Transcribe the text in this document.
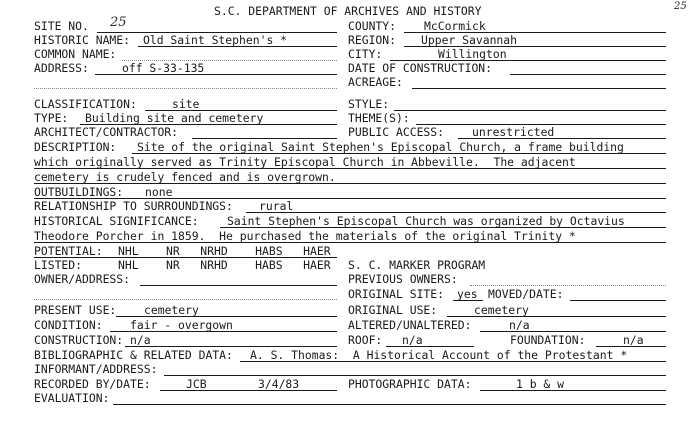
S.C. DEPARTMENT OF ARCHIVES AND HISTORY	25
SITE NO. 25	COUNTY: McCormick
HISTORIC NAME: Old Saint Stephen's *	REGION: Upper Savannah
COMMON NAME:	CITY:	Willington
ADDRESS:	off S-33-135	DATE OF CONSTRUCTION:
ACREAGE:
CLASSIFICATION:	site	STYLE:
TYPE: Building site and cemetery	THEME(S):
ARCHITECT/CONTRACTOR:	PUBLIC ACCESS: unrestricted
DESCRIPTION: Site of the original Saint Stephen's Episcopal Church, a frame building
which originally served as Trinity Episcopal Church in Abbeville.  The adjacent
cemetery is crudely fenced and is overgrown.
OUTBUILDINGS: none
RELATIONSHIP TO SURROUNDINGS: rural
HISTORICAL SIGNIFICANCE: Saint Stephen's Episcopal Church was organized by Octavius
Theodore Porcher in 1859.  He purchased the materials of the original Trinity *
POTENTIAL: NHL    NR   NRHD    HABS   HAER
LISTED:	NHL    NR   NRHD    HABS   HAER S. C. MARKER PROGRAM
OWNER/ADDRESS:	PREVIOUS OWNERS:
ORIGINAL SITE: yes MOVED/DATE:
PRESENT USE: cemetery	ORIGINAL USE:	cemetery
CONDITION: fair - overgown	ALTERED/UNALTERED:	n/a
CONSTRUCTION: n/a	ROOF: n/a	FOUNDATION:	n/a
BIBLIOGRAPHIC & RELATED DATA: A. S. Thomas:  A Historical Account of the Protestant *
INFORMANT/ADDRESS:
RECORDED BY/DATE:	JCB	3/4/83	PHOTOGRAPHIC DATA:	1 b & w
EVALUATION:
